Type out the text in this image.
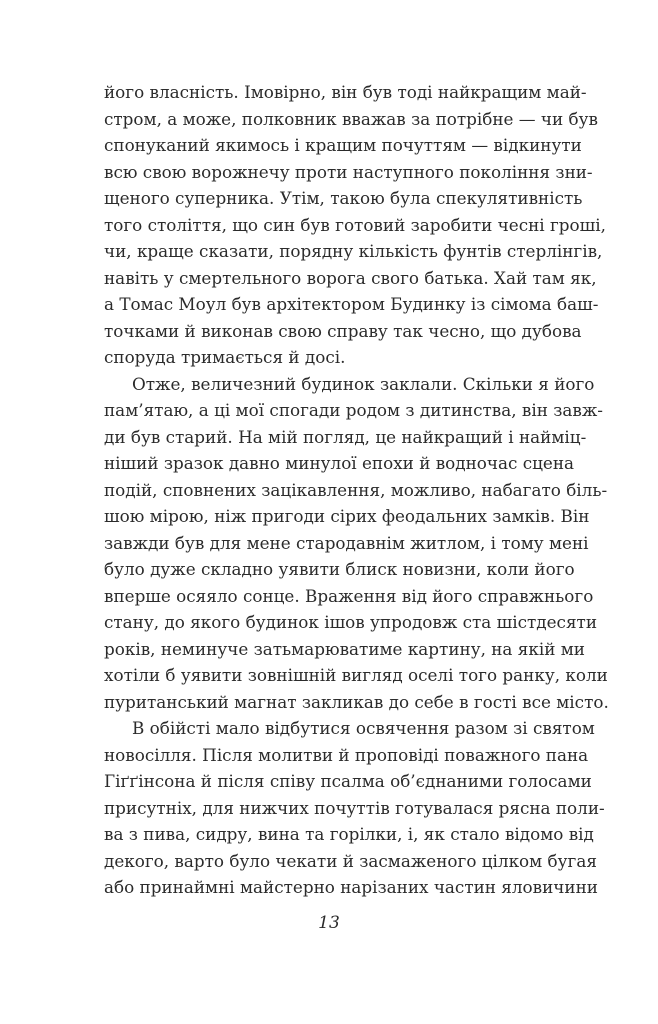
його власність. Імовірно, він був тоді найкращим май-
стром, а може, полковник вважав за потрібне — чи був
спонуканий якимось і кращим почуттям — відкинути
всю свою ворожнечу проти наступного покоління зни-
щеного суперника. Утім, такою була спекулятивність
того століття, що син був готовий заробити чесні гроші,
чи, краще сказати, порядну кількість фунтів стерлінгів,
навіть у смертельного ворога свого батька. Хай там як,
а Томас Моул був архітектором Будинку із сімома баш-
точками й виконав свою справу так чесно, що дубова
споруда тримається й досі.
Отже, величезний будинок заклали. Скільки я його
пам’ятаю, а ці мої спогади родом з дитинства, він завж-
ди був старий. На мій погляд, це найкращий і найміц-
ніший зразок давно минулої епохи й водночас сцена
подій, сповнених зацікавлення, можливо, набагато біль-
шою мірою, ніж пригоди сірих феодальних замків. Він
завжди був для мене стародавнім житлом, і тому мені
було дуже складно уявити блиск новизни, коли його
вперше осяяло сонце. Враження від його справжнього
стану, до якого будинок ішов упродовж ста шістдесяти
років, неминуче затьмарюватиме картину, на якій ми
хотіли б уявити зовнішній вигляд оселі того ранку, коли
пуританський магнат закликав до себе в гості все місто.
В обійсті мало відбутися освячення разом зі святом
новосілля. Після молитви й проповіді поважного пана
Гіґґінсона й після співу псалма об’єднаними голосами
присутніх, для нижчих почуттів готувалася рясна поли-
ва з пива, сидру, вина та горілки, і, як стало відомо від
декого, варто було чекати й засмаженого цілком бугая
або принаймні майстерно нарізаних частин яловичини
13
